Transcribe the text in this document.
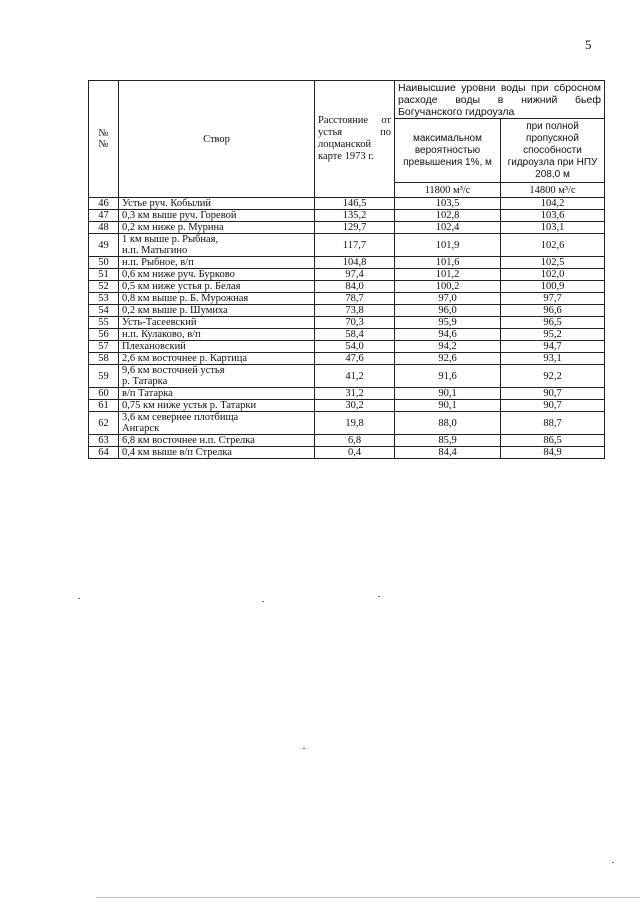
5
№
№	Створ	Расстояние от
устья по
лоцманской
карте 1973 г.	Наивысшие уровни воды при сбросном расходе воды в нижний бьеф Богучанского гидроузла	
			максимальном вероятностью превышения 1%, м	при полной пропускной способности гидроузла при НПУ 208,0 м
			11800 м³/с	14800 м³/с
46	Устье руч. Кобылий	146,5	103,5	104,2
47	0,3 км выше руч. Горевой	135,2	102,8	103,6
48	0,2 км ниже р. Мурина	129,7	102,4	103,1
49	1 км выше р. Рыбная,
н.п. Матыгино	117,7	101,9	102,6
50	н.п. Рыбное, в/п	104,8	101,6	102,5
51	0,6 км ниже руч. Бурково	97,4	101,2	102,0
52	0,5 км ниже устья р. Белая	84,0	100,2	100,9
53	0,8 км выше р. Б. Мурожная	78,7	97,0	97,7
54	0,2 км выше р. Шумиха	73,8	96,0	96,6
55	Усть-Тасеевский	70,3	95,9	96,5
56	н.п. Кулаково, в/п	58,4	94,6	95,2
57	Плехановский	54,0	94,2	94,7
58	2,6 км восточнее р. Картица	47,6	92,6	93,1
59	9,6 км восточней устья
р. Татарка	41,2	91,6	92,2
60	в/п Татарка	31,2	90,1	90,7
61	0,75 км ниже устья р. Татарки	30,2	90,1	90,7
62	3,6 км севернее плотбища
Ангарск	19,8	88,0	88,7
63	6,8 км восточнее н.п. Стрелка	6,8	85,9	86,5
64	0,4 км выше в/п Стрелка	0,4	84,4	84,9
